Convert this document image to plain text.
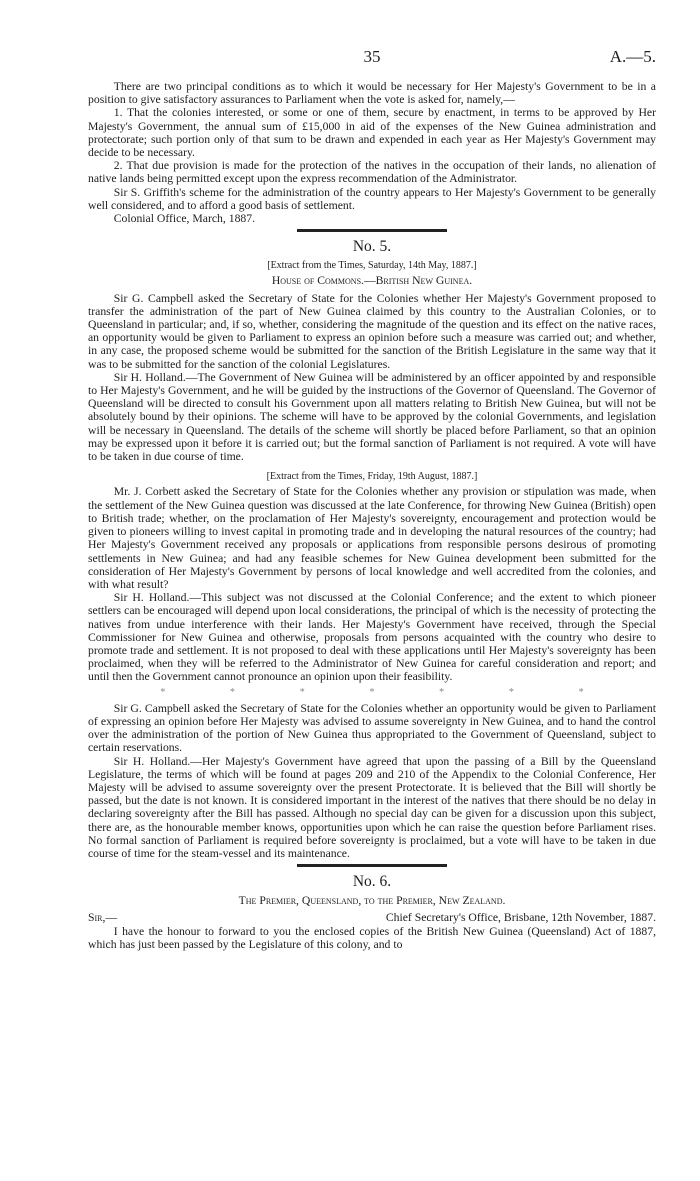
35	A.—5.

There are two principal conditions as to which it would be necessary for Her Majesty's Government to be in a position to give satisfactory assurances to Parliament when the vote is asked for, namely,—

1. That the colonies interested, or some or one of them, secure by enactment, in terms to be approved by Her Majesty's Government, the annual sum of £15,000 in aid of the expenses of the New Guinea administration and protectorate; such portion only of that sum to be drawn and expended in each year as Her Majesty's Government may decide to be necessary.

2. That due provision is made for the protection of the natives in the occupation of their lands, no alienation of native lands being permitted except upon the express recommendation of the Administrator.

Sir S. Griffith's scheme for the administration of the country appears to Her Majesty's Government to be generally well considered, and to afford a good basis of settlement.

Colonial Office, March, 1887.

No. 5.
[Extract from the Times, Saturday, 14th May, 1887.]
House of Commons.—British New Guinea.

Sir G. Campbell asked the Secretary of State for the Colonies whether Her Majesty's Government proposed to transfer the administration of the part of New Guinea claimed by this country to the Australian Colonies, or to Queensland in particular; and, if so, whether, considering the magnitude of the question and its effect on the native races, an opportunity would be given to Parliament to express an opinion before such a measure was carried out; and whether, in any case, the proposed scheme would be submitted for the sanction of the British Legislature in the same way that it was to be submitted for the sanction of the colonial Legislatures.

Sir H. Holland.—The Government of New Guinea will be administered by an officer appointed by and responsible to Her Majesty's Government, and he will be guided by the instructions of the Governor of Queensland. The Governor of Queensland will be directed to consult his Government upon all matters relating to British New Guinea, but will not be absolutely bound by their opinions. The scheme will have to be approved by the colonial Governments, and legislation will be necessary in Queensland. The details of the scheme will shortly be placed before Parliament, so that an opinion may be expressed upon it before it is carried out; but the formal sanction of Parliament is not required. A vote will have to be taken in due course of time.

[Extract from the Times, Friday, 19th August, 1887.]

Mr. J. Corbett asked the Secretary of State for the Colonies whether any provision or stipulation was made, when the settlement of the New Guinea question was discussed at the late Conference, for throwing New Guinea (British) open to British trade; whether, on the proclamation of Her Majesty's sovereignty, encouragement and protection would be given to pioneers willing to invest capital in promoting trade and in developing the natural resources of the country; had Her Majesty's Government received any proposals or applications from responsible persons desirous of promoting settlements in New Guinea; and had any feasible schemes for New Guinea development been submitted for the consideration of Her Majesty's Government by persons of local knowledge and well accredited from the colonies, and with what result?

Sir H. Holland.—This subject was not discussed at the Colonial Conference; and the extent to which pioneer settlers can be encouraged will depend upon local considerations, the principal of which is the necessity of protecting the natives from undue interference with their lands. Her Majesty's Government have received, through the Special Commissioner for New Guinea and otherwise, proposals from persons acquainted with the country who desire to promote trade and settlement. It is not proposed to deal with these applications until Her Majesty's sovereignty has been proclaimed, when they will be referred to the Administrator of New Guinea for careful consideration and report; and until then the Government cannot pronounce an opinion upon their feasibility.

*	*	*	*	*	*	*

Sir G. Campbell asked the Secretary of State for the Colonies whether an opportunity would be given to Parliament of expressing an opinion before Her Majesty was advised to assume sovereignty in New Guinea, and to hand the control over the administration of the portion of New Guinea thus appropriated to the Government of Queensland, subject to certain reservations.

Sir H. Holland.—Her Majesty's Government have agreed that upon the passing of a Bill by the Queensland Legislature, the terms of which will be found at pages 209 and 210 of the Appendix to the Colonial Conference, Her Majesty will be advised to assume sovereignty over the present Protectorate. It is believed that the Bill will shortly be passed, but the date is not known. It is considered important in the interest of the natives that there should be no delay in declaring sovereignty after the Bill has passed. Although no special day can be given for a discussion upon this subject, there are, as the honourable member knows, opportunities upon which he can raise the question before Parliament rises. No formal sanction of Parliament is required before sovereignty is proclaimed, but a vote will have to be taken in due course of time for the steam-vessel and its maintenance.

No. 6.
The Premier, Queensland, to the Premier, New Zealand.
Sir,—	Chief Secretary's Office, Brisbane, 12th November, 1887.

I have the honour to forward to you the enclosed copies of the British New Guinea (Queensland) Act of 1887, which has just been passed by the Legislature of this colony, and to
